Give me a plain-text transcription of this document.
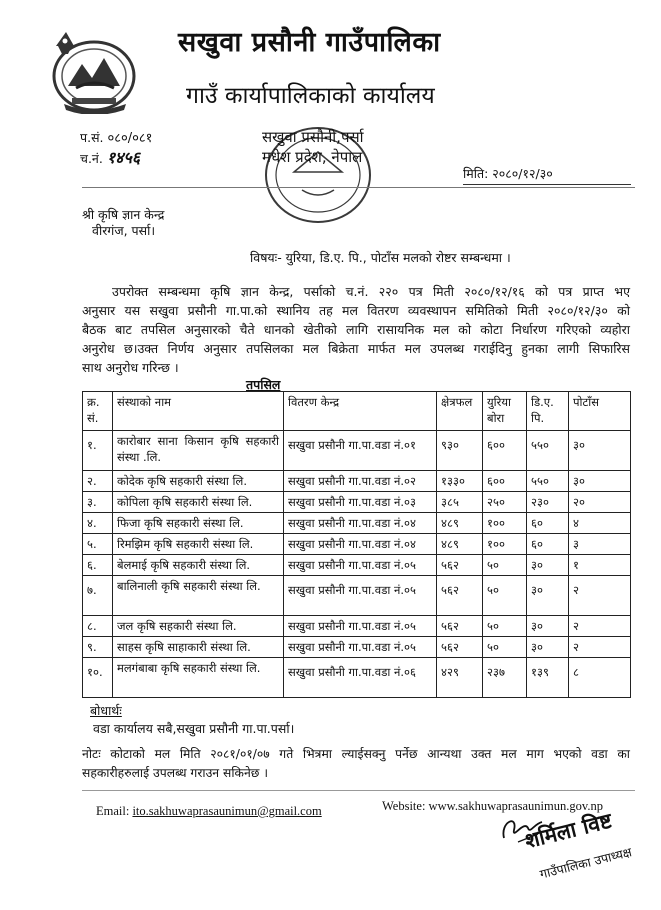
सखुवा प्रसौनी गाउँपालिका
गाउँ कार्यापालिकाको कार्यालय
प.सं. ०८०/०८१
च.नं. १४५६
सखुवा प्रसौनी,पर्सा
मधेश प्रदेश, नेपाल
मिति: २०८०/१२/३०
श्री कृषि ज्ञान केन्द्र
वीरगंज, पर्सा।
विषयः- युरिया, डि.ए. पि., पोटाँस मलको रोष्टर सम्बन्धमा ।
उपरोक्त सम्बन्धमा कृषि ज्ञान केन्द्र, पर्साको च.नं. २२० पत्र मिती २०८०/१२/१६ को पत्र प्राप्त भए
अनुसार यस सखुवा प्रसौनी गा.पा.को स्थानिय तह मल वितरण व्यवस्थापन समितिको मिती २०८०/१२/३० को
बैठक बाट तपसिल अनुसारको चैते धानको खेतीको लागि रासायनिक मल को कोटा निर्धारण गरिएको व्यहोरा
अनुरोध छ।उक्त निर्णय अनुसार तपसिलका मल बिक्रेता मार्फत मल उपलब्ध गराईदिनु हुनका लागी सिफारिस
साथ अनुरोध गरिन्छ ।
तपसिल
क्र. सं.	संस्थाको नाम	वितरण केन्द्र	क्षेत्रफल	युरिया बोरा	डि.ए. पि.	पोटाँस
१.	कारोबार साना किसान कृषि सहकारी संस्था .लि.	सखुवा प्रसौनी गा.पा.वडा नं.०१	९३०	६००	५५०	३०
२.	कोदेक कृषि सहकारी संस्था लि.	सखुवा प्रसौनी गा.पा.वडा नं.०२	१३३०	६००	५५०	३०
३.	कोपिला कृषि सहकारी संस्था लि.	सखुवा प्रसौनी गा.पा.वडा नं.०३	३८५	२५०	२३०	२०
४.	फिजा कृषि सहकारी संस्था लि.	सखुवा प्रसौनी गा.पा.वडा नं.०४	४८९	१००	६०	४
५.	रिमझिम कृषि सहकारी संस्था लि.	सखुवा प्रसौनी गा.पा.वडा नं.०४	४८९	१००	६०	३
६.	बेलमाई कृषि सहकारी संस्था लि.	सखुवा प्रसौनी गा.पा.वडा नं.०५	५६२	५०	३०	१
७.	बालिनाली कृषि सहकारी संस्था लि.	सखुवा प्रसौनी गा.पा.वडा नं.०५	५६२	५०	३०	२
८.	जल कृषि सहकारी संस्था लि.	सखुवा प्रसौनी गा.पा.वडा नं.०५	५६२	५०	३०	२
९.	साहस कृषि साहाकारी संस्था लि.	सखुवा प्रसौनी गा.पा.वडा नं.०५	५६२	५०	३०	२
१०.	मलगंबाबा कृषि सहकारी संस्था लि.	सखुवा प्रसौनी गा.पा.वडा नं.०६	४२९	२३७	१३९	८
बोधार्थः
वडा कार्यालय सबै,सखुवा प्रसौनी गा.पा.पर्सा।
नोटः कोटाको मल मिति २०८१/०१/०७ गते भित्रमा ल्याईसक्नु पर्नेछ आन्यथा उक्त मल माग भएको वडा का
सहकारीहरुलाई उपलब्ध गराउन सकिनेछ ।
Email: ito.sakhuwaprasaunimun@gmail.com	Website: www.sakhuwaprasaunimun.gov.np
शर्मिला विष्ट
गाउँपालिका उपाध्यक्ष
